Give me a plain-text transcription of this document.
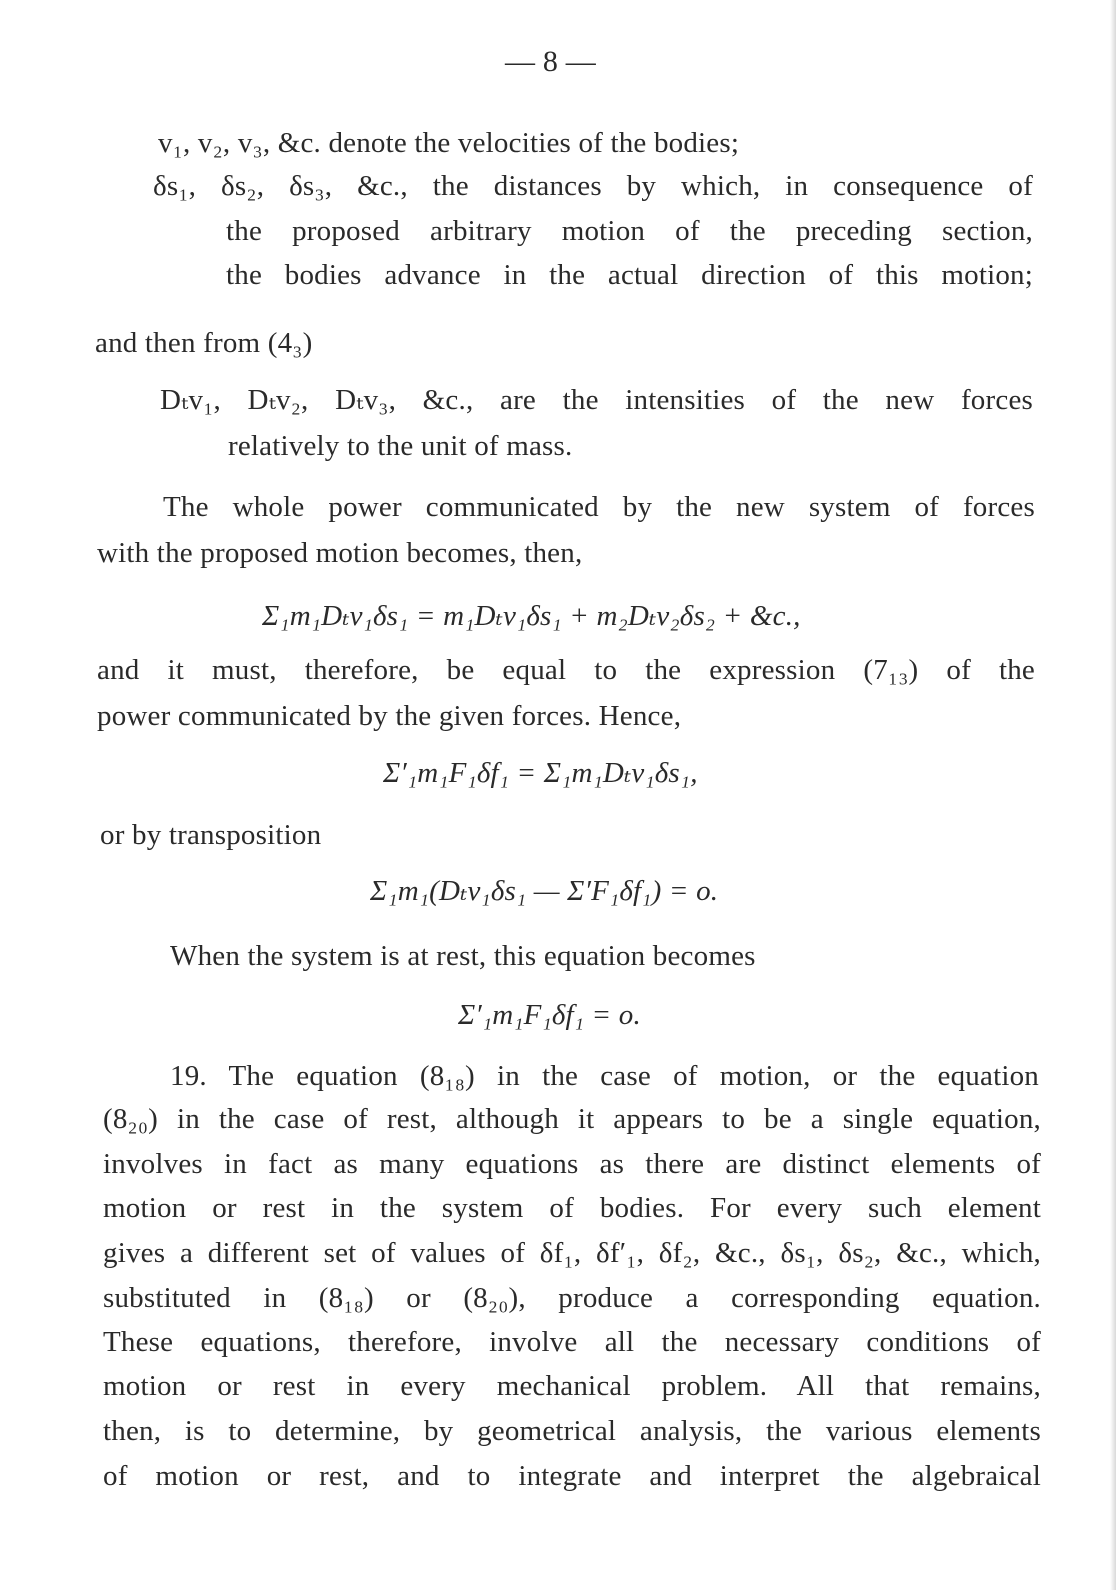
— 8 —
v₁, v₂, v₃, &c. denote the velocities of the bodies;
δs₁, δs₂, δs₃, &c., the distances by which, in consequence of
the proposed arbitrary motion of the preceding section,
the bodies advance in the actual direction of this motion;
and then from (4₃)
Dₜv₁, Dₜv₂, Dₜv₃, &c., are the intensities of the new forces
relatively to the unit of mass.
The whole power communicated by the new system of forces
with the proposed motion becomes, then,
Σ₁m₁Dₜv₁δs₁ = m₁Dₜv₁δs₁ + m₂Dₜv₂δs₂ + &c.,
and it must, therefore, be equal to the expression (7₁₃) of the
power communicated by the given forces. Hence,
Σ′₁m₁F₁δf₁ = Σ₁m₁Dₜv₁δs₁,
or by transposition
Σ₁m₁(Dₜv₁δs₁ — Σ′F₁δf₁) = o.
When the system is at rest, this equation becomes
Σ′₁m₁F₁δf₁ = o.
19. The equation (8₁₈) in the case of motion, or the equation
(8₂₀) in the case of rest, although it appears to be a single equation,
involves in fact as many equations as there are distinct elements of
motion or rest in the system of bodies. For every such element
gives a different set of values of δf₁, δf′₁, δf₂, &c., δs₁, δs₂, &c., which,
substituted in (8₁₈) or (8₂₀), produce a corresponding equation.
These equations, therefore, involve all the necessary conditions of
motion or rest in every mechanical problem. All that remains,
then, is to determine, by geometrical analysis, the various elements
of motion or rest, and to integrate and interpret the algebraical
